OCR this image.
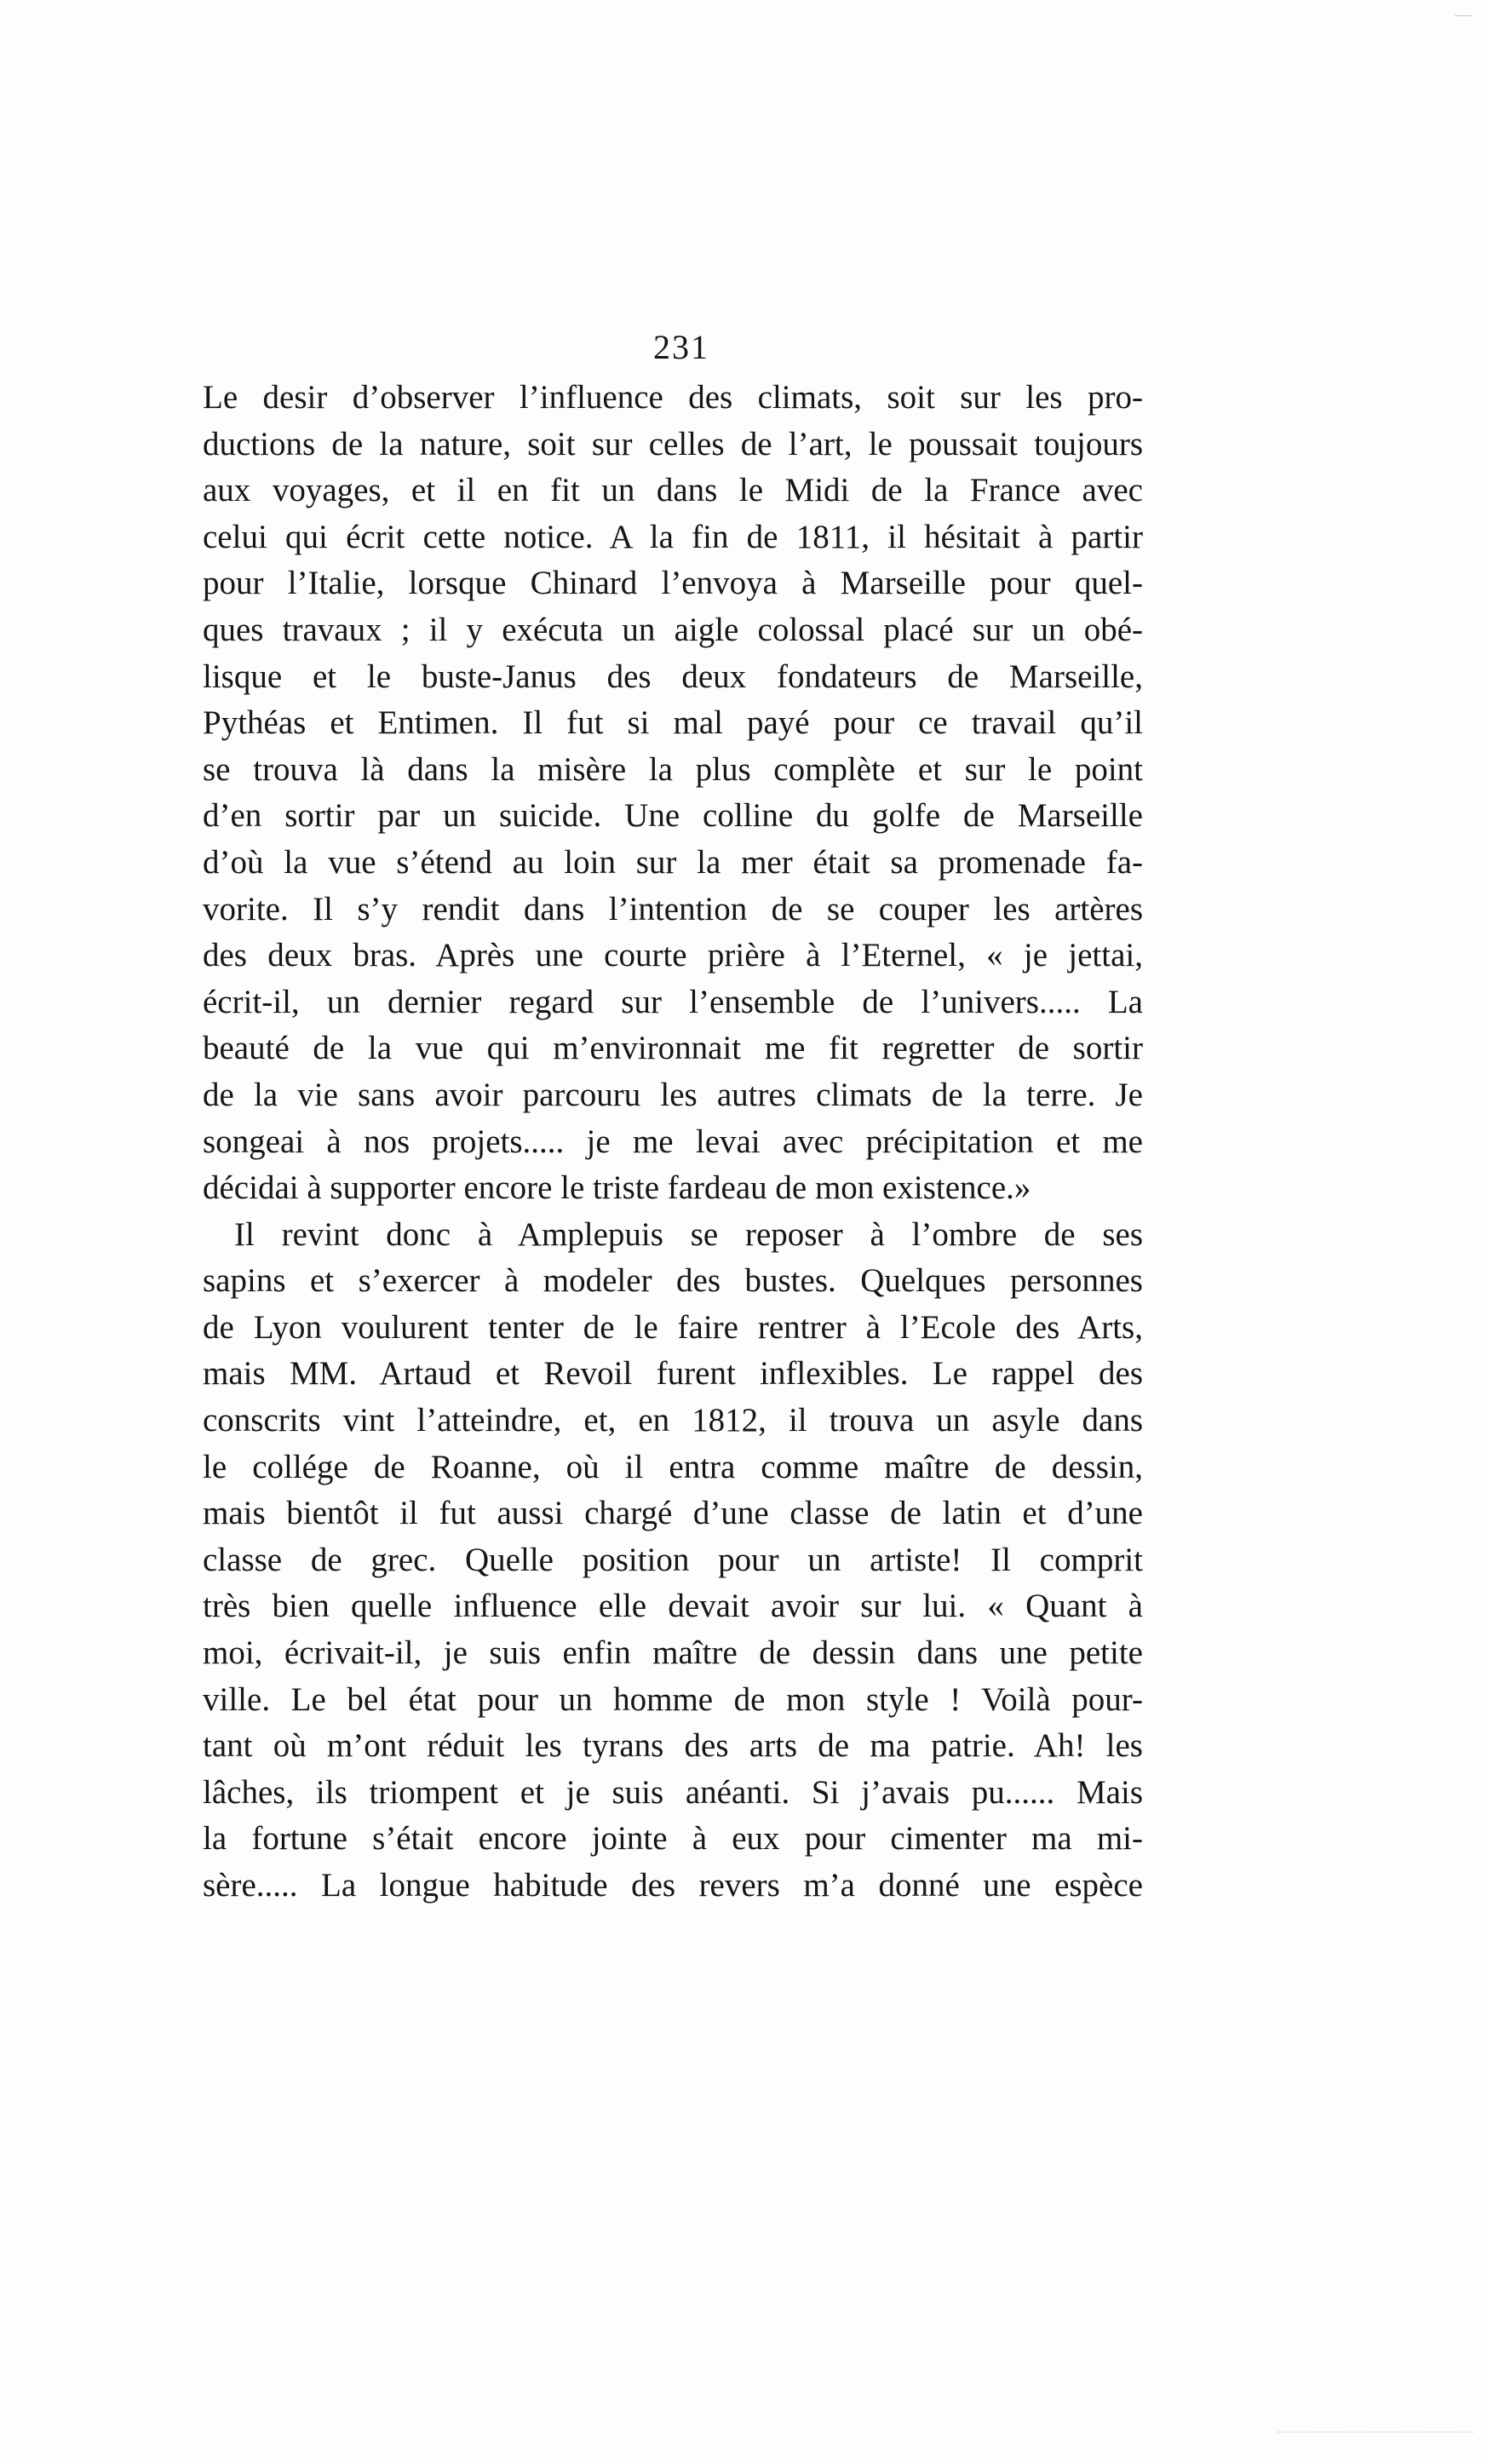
231
Le desir d’observer l’influence des climats, soit sur les pro-
ductions de la nature, soit sur celles de l’art, le poussait toujours
aux voyages, et il en fit un dans le Midi de la France avec
celui qui écrit cette notice. A la fin de 1811, il hésitait à partir
pour l’Italie, lorsque Chinard l’envoya à Marseille pour quel-
ques travaux ; il y exécuta un aigle colossal placé sur un obé-
lisque et le buste-Janus des deux fondateurs de Marseille,
Pythéas et Entimen. Il fut si mal payé pour ce travail qu’il
se trouva là dans la misère la plus complète et sur le point
d’en sortir par un suicide. Une colline du golfe de Marseille
d’où la vue s’étend au loin sur la mer était sa promenade fa-
vorite. Il s’y rendit dans l’intention de se couper les artères
des deux bras. Après une courte prière à l’Eternel, « je jettai,
écrit-il, un dernier regard sur l’ensemble de l’univers..... La
beauté de la vue qui m’environnait me fit regretter de sortir
de la vie sans avoir parcouru les autres climats de la terre. Je
songeai à nos projets..... je me levai avec précipitation et me
décidai à supporter encore le triste fardeau de mon existence.»
Il revint donc à Amplepuis se reposer à l’ombre de ses
sapins et s’exercer à modeler des bustes. Quelques personnes
de Lyon voulurent tenter de le faire rentrer à l’Ecole des Arts,
mais MM. Artaud et Revoil furent inflexibles. Le rappel des
conscrits vint l’atteindre, et, en 1812, il trouva un asyle dans
le collége de Roanne, où il entra comme maître de dessin,
mais bientôt il fut aussi chargé d’une classe de latin et d’une
classe de grec. Quelle position pour un artiste! Il comprit
très bien quelle influence elle devait avoir sur lui. « Quant à
moi, écrivait-il, je suis enfin maître de dessin dans une petite
ville. Le bel état pour un homme de mon style ! Voilà pour-
tant où m’ont réduit les tyrans des arts de ma patrie. Ah! les
lâches, ils triompent et je suis anéanti. Si j’avais pu...... Mais
la fortune s’était encore jointe à eux pour cimenter ma mi-
sère..... La longue habitude des revers m’a donné une espèce
